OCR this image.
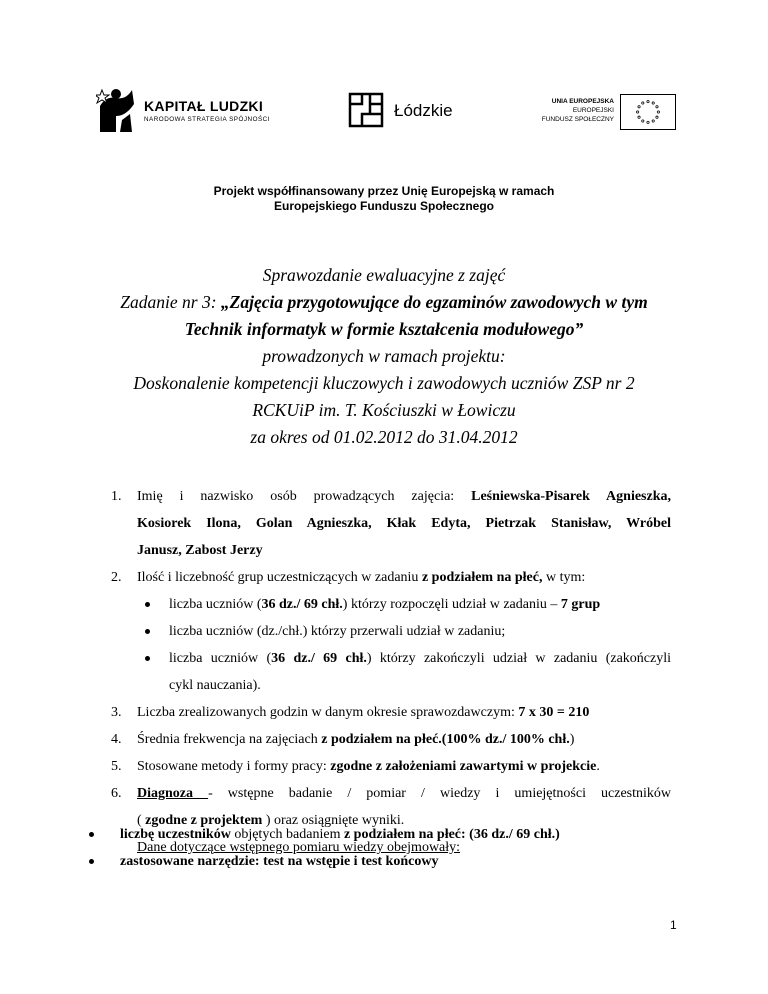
KAPITAŁ LUDZKI
NARODOWA STRATEGIA SPÓJNOŚCI	Łódzkie	UNIA EUROPEJSKA
EUROPEJSKI
FUNDUSZ SPOŁECZNY
Projekt współfinansowany przez Unię Europejską w ramach
Europejskiego Funduszu Społecznego
Sprawozdanie ewaluacyjne z zajęć
Zadanie nr 3: „Zajęcia przygotowujące do egzaminów zawodowych w tym
Technik informatyk w formie kształcenia modułowego”
prowadzonych w ramach projektu:
Doskonalenie kompetencji kluczowych i zawodowych uczniów ZSP nr 2
RCKUiP im. T. Kościuszki w Łowiczu
za okres od 01.02.2012 do 31.04.2012
1. Imię i nazwisko osób prowadzących zajęcia: Leśniewska-Pisarek Agnieszka,
Kosiorek Ilona, Golan Agnieszka, Kłak Edyta, Pietrzak Stanisław, Wróbel
Janusz, Zabost Jerzy
2. Ilość i liczebność grup uczestniczących w zadaniu z podziałem na płeć, w tym:
liczba uczniów (36 dz./ 69 chł.) którzy rozpoczęli udział w zadaniu – 7 grup
liczba uczniów (dz./chł.) którzy przerwali udział w zadaniu;
liczba uczniów (36 dz./ 69 chł.) którzy zakończyli udział w zadaniu (zakończyli
cykl nauczania).
3. Liczba zrealizowanych godzin w danym okresie sprawozdawczym: 7 x 30 = 210
4. Średnia frekwencja na zajęciach z podziałem na płeć.(100% dz./ 100% chł.)
5. Stosowane metody i formy pracy: zgodne z założeniami zawartymi w projekcie.
6. Diagnoza - wstępne badanie / pomiar / wiedzy i umiejętności uczestników
( zgodne z projektem ) oraz osiągnięte wyniki.
Dane dotyczące wstępnego pomiaru wiedzy obejmowały:
liczbę uczestników objętych badaniem z podziałem na płeć: (36 dz./ 69 chł.)
zastosowane narzędzie: test na wstępie i test końcowy
1
